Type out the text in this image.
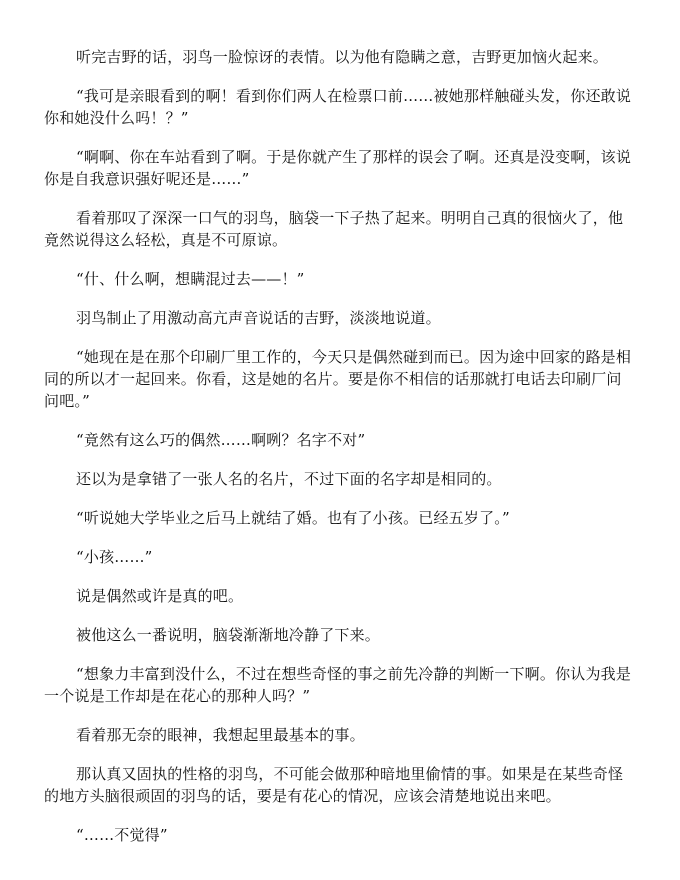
听完吉野的话，羽鸟一脸惊讶的表情。以为他有隐瞒之意，吉野更加恼火起来。

“我可是亲眼看到的啊！看到你们两人在检票口前……被她那样触碰头发，你还敢说你和她没什么吗！？”

“啊啊、你在车站看到了啊。于是你就产生了那样的误会了啊。还真是没变啊，该说你是自我意识强好呢还是……”

看着那叹了深深一口气的羽鸟，脑袋一下子热了起来。明明自己真的很恼火了，他竟然说得这么轻松，真是不可原谅。

“什、什么啊，想瞒混过去——！”

羽鸟制止了用激动高亢声音说话的吉野，淡淡地说道。

“她现在是在那个印刷厂里工作的，今天只是偶然碰到而已。因为途中回家的路是相同的所以才一起回来。你看，这是她的名片。要是你不相信的话那就打电话去印刷厂问问吧。”

“竟然有这么巧的偶然……啊咧？名字不对”

还以为是拿错了一张人名的名片，不过下面的名字却是相同的。

“听说她大学毕业之后马上就结了婚。也有了小孩。已经五岁了。”

“小孩……”

说是偶然或许是真的吧。

被他这么一番说明，脑袋渐渐地冷静了下来。

“想象力丰富到没什么，不过在想些奇怪的事之前先冷静的判断一下啊。你认为我是一个说是工作却是在花心的那种人吗？”

看着那无奈的眼神，我想起里最基本的事。

那认真又固执的性格的羽鸟，不可能会做那种暗地里偷情的事。如果是在某些奇怪的地方头脑很顽固的羽鸟的话，要是有花心的情况，应该会清楚地说出来吧。

“……不觉得”
